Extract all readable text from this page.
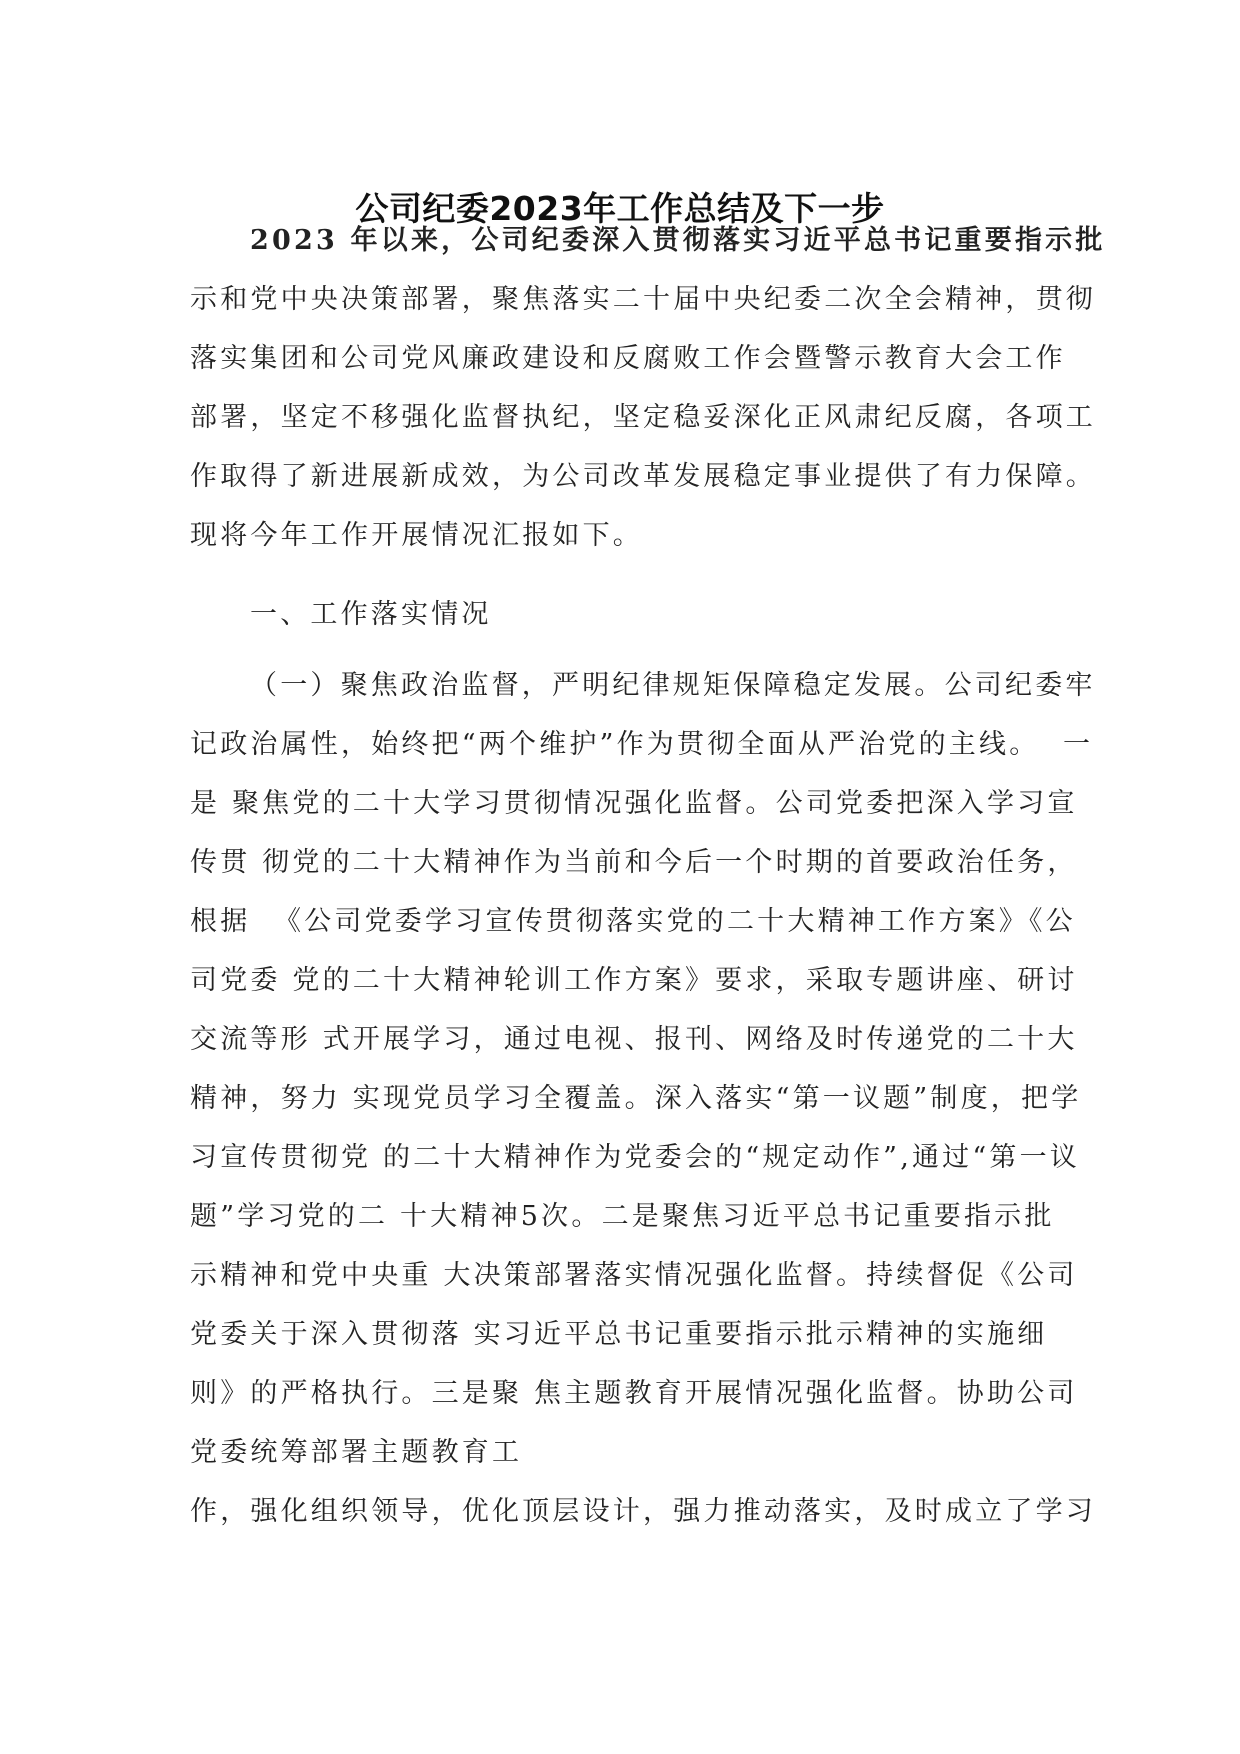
公司纪委2023年工作总结及下一步
2023 年以来，公司纪委深入贯彻落实习近平总书记重要指示批
示和党中央决策部署，聚焦落实二十届中央纪委二次全会精神，贯彻
落实集团和公司党风廉政建设和反腐败工作会暨警示教育大会工作
部署，坚定不移强化监督执纪，坚定稳妥深化正风肃纪反腐，各项工
作取得了新进展新成效，为公司改革发展稳定事业提供了有力保障。
现将今年工作开展情况汇报如下。
一、工作落实情况
（一）聚焦政治监督，严明纪律规矩保障稳定发展。公司纪委牢
记政治属性，始终把“两个维护”作为贯彻全面从严治党的主线。  一
是 聚焦党的二十大学习贯彻情况强化监督。公司党委把深入学习宣
传贯 彻党的二十大精神作为当前和今后一个时期的首要政治任务，
根据  《公司党委学习宣传贯彻落实党的二十大精神工作方案》《公
司党委 党的二十大精神轮训工作方案》要求，采取专题讲座、研讨
交流等形 式开展学习，通过电视、报刊、网络及时传递党的二十大
精神，努力 实现党员学习全覆盖。深入落实“第一议题”制度，把学
习宣传贯彻党 的二十大精神作为党委会的“规定动作”,通过“第一议
题”学习党的二 十大精神5次。二是聚焦习近平总书记重要指示批
示精神和党中央重 大决策部署落实情况强化监督。持续督促《公司
党委关于深入贯彻落 实习近平总书记重要指示批示精神的实施细
则》的严格执行。三是聚 焦主题教育开展情况强化监督。协助公司
党委统筹部署主题教育工
作，强化组织领导，优化顶层设计，强力推动落实，及时成立了学习
